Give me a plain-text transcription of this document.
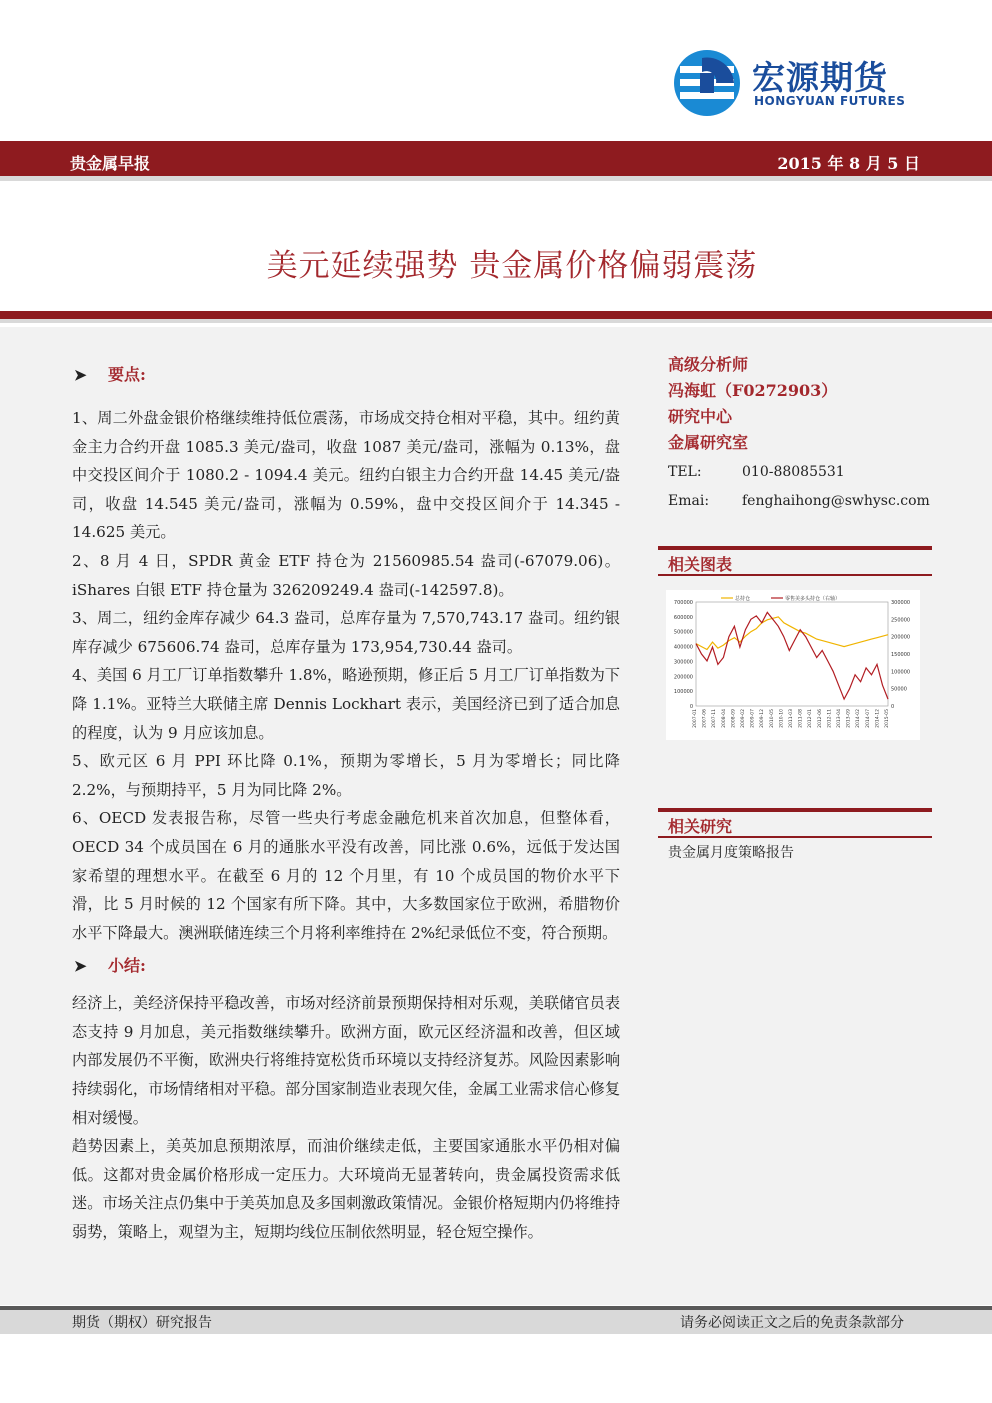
宏源期货
HONGYUAN FUTURES
贵金属早报	2015 年 8 月 5 日
美元延续强势 贵金属价格偏弱震荡
➤	要点:

1、周二外盘金银价格继续维持低位震荡，市场成交持仓相对平稳，其中。纽约黄金主力合约开盘 1085.3 美元/盎司，收盘 1087 美元/盎司，涨幅为 0.13%，盘中交投区间介于 1080.2 - 1094.4 美元。纽约白银主力合约开盘 14.45 美元/盎司，收盘 14.545 美元/盎司，涨幅为 0.59%，盘中交投区间介于 14.345 - 14.625 美元。

2、8 月 4 日，SPDR 黄金 ETF 持仓为 21560985.54 盎司(-67079.06)。iShares 白银 ETF 持仓量为 326209249.4 盎司(-142597.8)。

3、周二，纽约金库存减少 64.3 盎司，总库存量为 7,570,743.17 盎司。纽约银库存减少 675606.74 盎司，总库存量为 173,954,730.44 盎司。

4、美国 6 月工厂订单指数攀升 1.8%，略逊预期，修正后 5 月工厂订单指数为下降 1.1%。亚特兰大联储主席 Dennis Lockhart 表示，美国经济已到了适合加息的程度，认为 9 月应该加息。

5、欧元区 6 月 PPI 环比降 0.1%，预期为零增长，5 月为零增长；同比降 2.2%，与预期持平，5 月为同比降 2%。

6、OECD 发表报告称，尽管一些央行考虑金融危机来首次加息，但整体看，OECD 34 个成员国在 6 月的通胀水平没有改善，同比涨 0.6%，远低于发达国家希望的理想水平。在截至 6 月的 12 个月里，有 10 个成员国的物价水平下滑，比 5 月时候的 12 个国家有所下降。其中，大多数国家位于欧洲，希腊物价水平下降最大。澳洲联储连续三个月将利率维持在 2%纪录低位不变，符合预期。

➤	小结:

经济上，美经济保持平稳改善，市场对经济前景预期保持相对乐观，美联储官员表态支持 9 月加息，美元指数继续攀升。欧洲方面，欧元区经济温和改善，但区域内部发展仍不平衡，欧洲央行将维持宽松货币环境以支持经济复苏。风险因素影响持续弱化，市场情绪相对平稳。部分国家制造业表现欠佳，金属工业需求信心修复相对缓慢。

趋势因素上，美英加息预期浓厚，而油价继续走低，主要国家通胀水平仍相对偏低。这都对贵金属价格形成一定压力。大环境尚无显著转向，贵金属投资需求低迷。市场关注点仍集中于美英加息及多国刺激政策情况。金银价格短期内仍将维持弱势，策略上，观望为主，短期均线位压制依然明显，轻仓短空操作。

高级分析师
冯海虹（F0272903）
研究中心
金属研究室
TEL:	010-88085531
Emai:	fenghaihong@swhysc.com
相关图表
700000
600000
500000
400000
300000
200000
100000
0
300000
250000
200000
150000
100000
50000
0
2007-01 2007-06 2007-11 2008-04 2008-09 2009-02 2009-07 2009-12 2010-05 2010-10 2011-03 2011-08 2012-01 2012-06 2012-11 2013-04 2013-09 2014-02 2014-07 2014-12 2015-05
总持仓	零售美多头持仓（右轴）
相关研究
贵金属月度策略报告
期货（期权）研究报告	请务必阅读正文之后的免责条款部分
